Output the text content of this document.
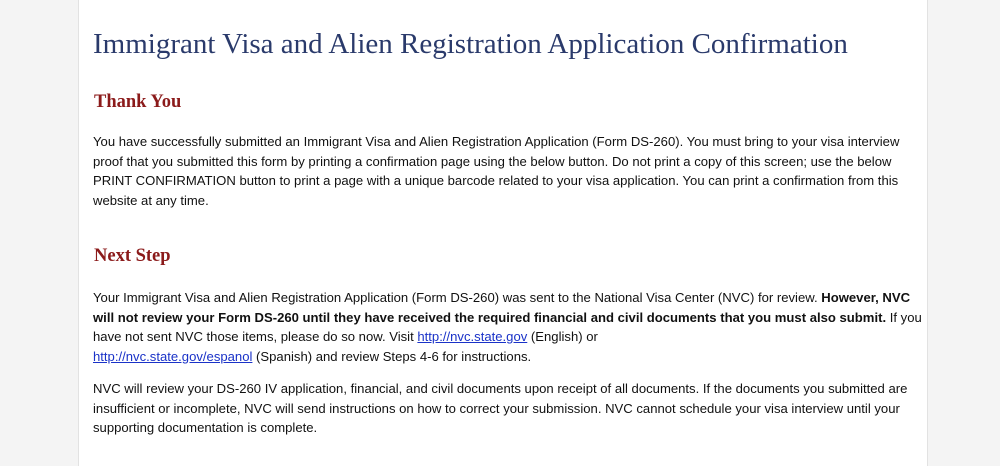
Immigrant Visa and Alien Registration Application Confirmation
Thank You

You have successfully submitted an Immigrant Visa and Alien Registration Application (Form DS-260). You must bring to your visa interview proof that you submitted this form by printing a confirmation page using the below button. Do not print a copy of this screen; use the below PRINT CONFIRMATION button to print a page with a unique barcode related to your visa application. You can print a confirmation from this website at any time.

Next Step

Your Immigrant Visa and Alien Registration Application (Form DS-260) was sent to the National Visa Center (NVC) for review. However, NVC will not review your Form DS-260 until they have received the required financial and civil documents that you must also submit. If you have not sent NVC those items, please do so now. Visit http://nvc.state.gov (English) or
http://nvc.state.gov/espanol (Spanish) and review Steps 4-6 for instructions.

NVC will review your DS-260 IV application, financial, and civil documents upon receipt of all documents. If the documents you submitted are insufficient or incomplete, NVC will send instructions on how to correct your submission. NVC cannot schedule your visa interview until your supporting documentation is complete.
